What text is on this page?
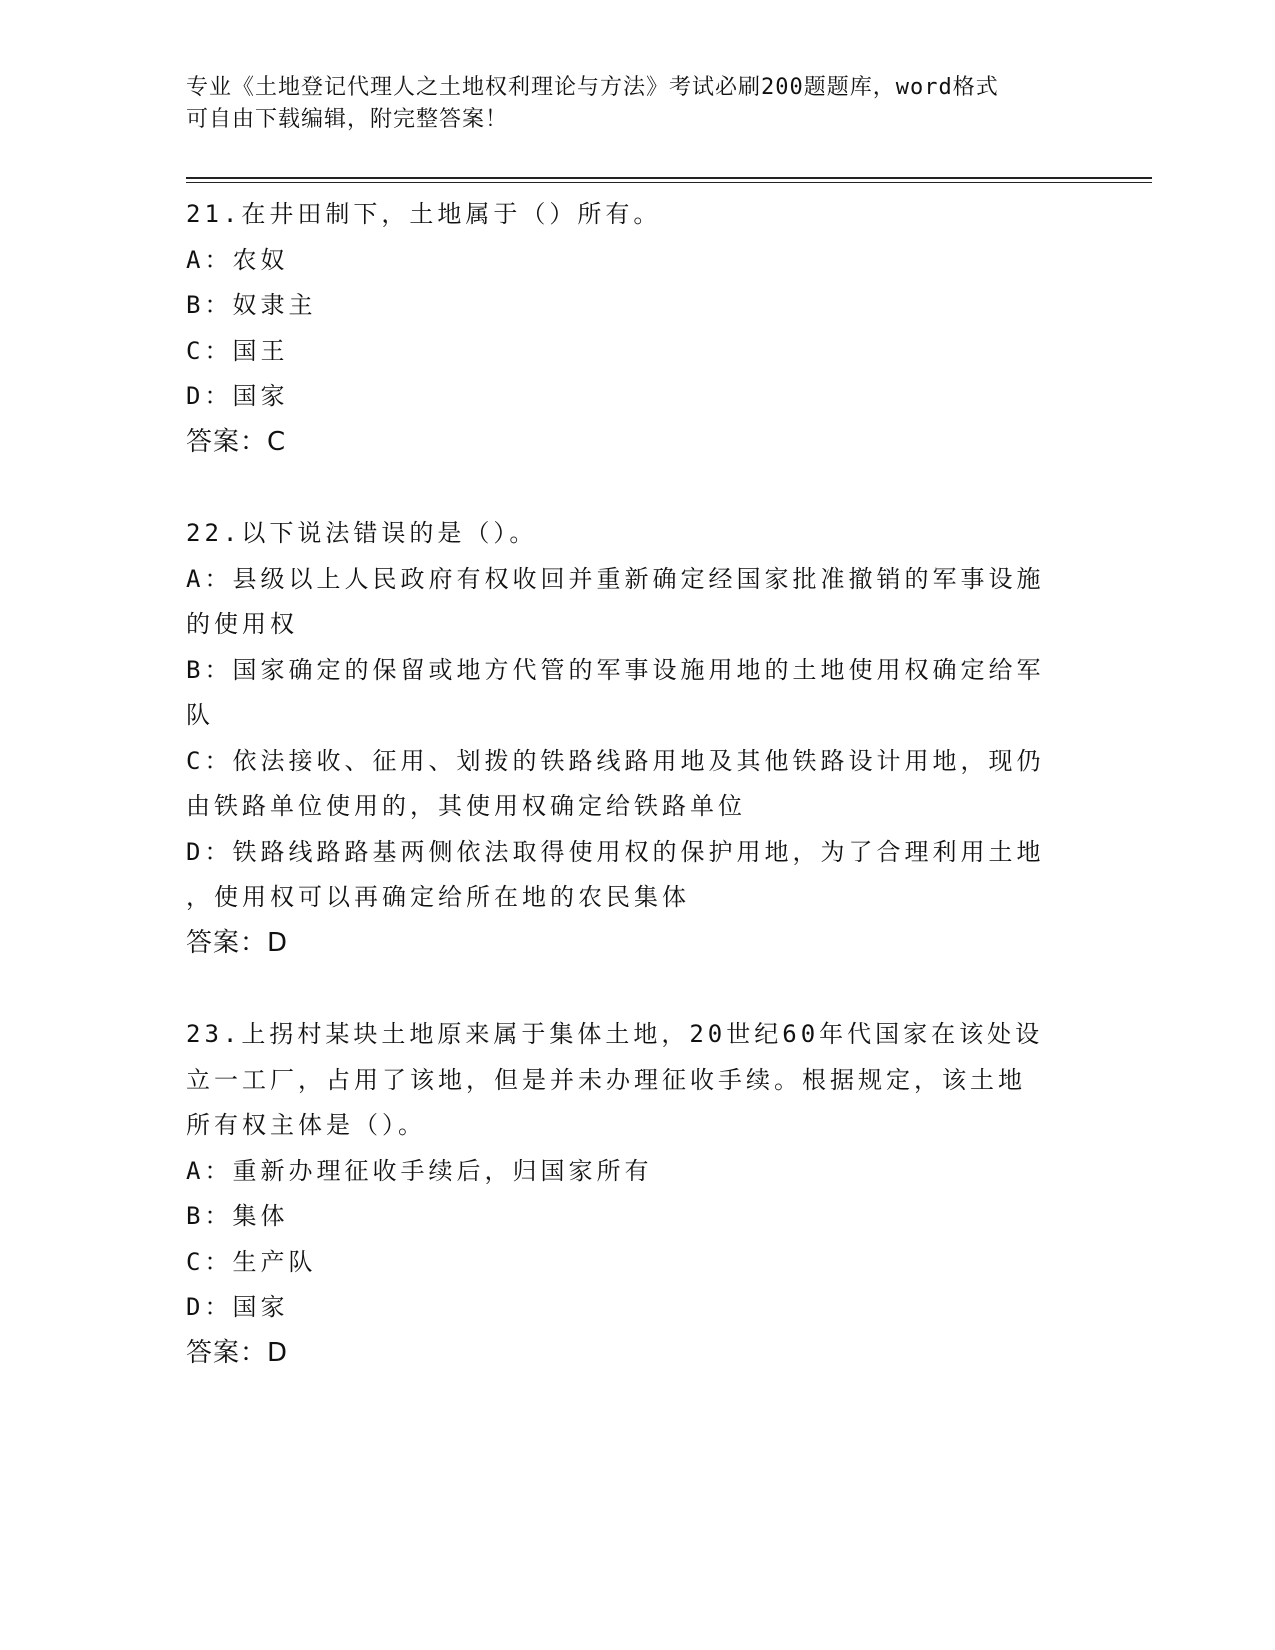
专业《土地登记代理人之土地权利理论与方法》考试必刷200题题库，word格式
可自由下载编辑，附完整答案！
21.在井田制下，土地属于（）所有。
A：农奴
B：奴隶主
C：国王
D：国家
答案：C
22.以下说法错误的是（）。
A：县级以上人民政府有权收回并重新确定经国家批准撤销的军事设施
的使用权
B：国家确定的保留或地方代管的军事设施用地的土地使用权确定给军
队
C：依法接收、征用、划拨的铁路线路用地及其他铁路设计用地，现仍
由铁路单位使用的，其使用权确定给铁路单位
D：铁路线路路基两侧依法取得使用权的保护用地，为了合理利用土地
，使用权可以再确定给所在地的农民集体
答案：D
23.上拐村某块土地原来属于集体土地，20世纪60年代国家在该处设
立一工厂，占用了该地，但是并未办理征收手续。根据规定，该土地
所有权主体是（）。
A：重新办理征收手续后，归国家所有
B：集体
C：生产队
D：国家
答案：D
